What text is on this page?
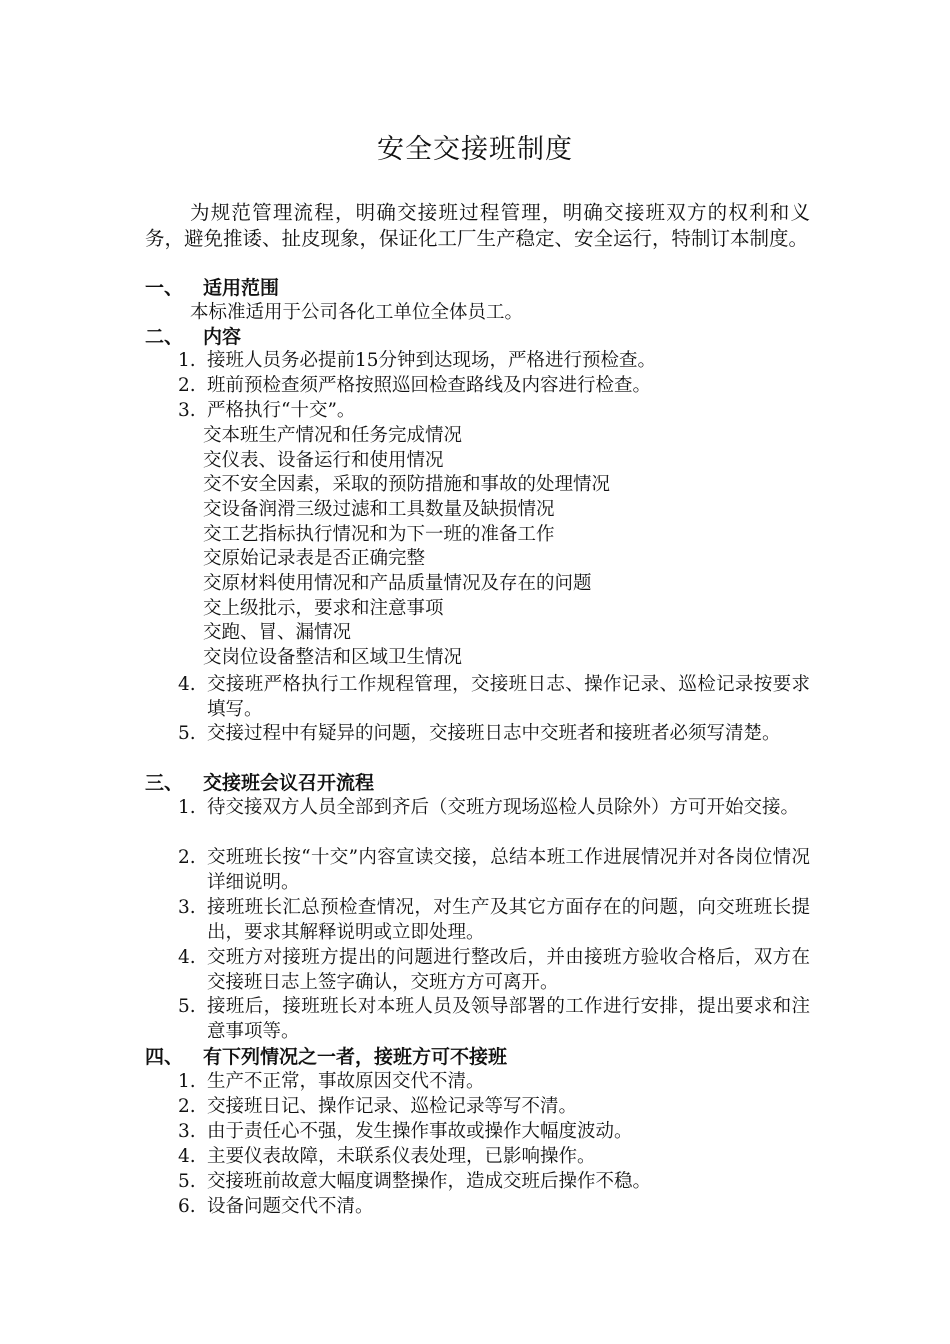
安全交接班制度
为规范管理流程，明确交接班过程管理，明确交接班双方的权利和义务，避免推诿、扯皮现象，保证化工厂生产稳定、安全运行，特制订本制度。
一、 适用范围
本标准适用于公司各化工单位全体员工。
二、 内容
1. 接班人员务必提前15分钟到达现场，严格进行预检查。
2. 班前预检查须严格按照巡回检查路线及内容进行检查。
3. 严格执行“十交”。
交本班生产情况和任务完成情况
交仪表、设备运行和使用情况
交不安全因素，采取的预防措施和事故的处理情况
交设备润滑三级过滤和工具数量及缺损情况
交工艺指标执行情况和为下一班的准备工作
交原始记录表是否正确完整
交原材料使用情况和产品质量情况及存在的问题
交上级批示，要求和注意事项
交跑、冒、漏情况
交岗位设备整洁和区域卫生情况
4. 交接班严格执行工作规程管理，交接班日志、操作记录、巡检记录按要求填写。
5. 交接过程中有疑异的问题，交接班日志中交班者和接班者必须写清楚。
三、 交接班会议召开流程
1. 待交接双方人员全部到齐后（交班方现场巡检人员除外）方可开始交接。
2. 交班班长按“十交”内容宣读交接，总结本班工作进展情况并对各岗位情况详细说明。
3. 接班班长汇总预检查情况，对生产及其它方面存在的问题，向交班班长提出，要求其解释说明或立即处理。
4. 交班方对接班方提出的问题进行整改后，并由接班方验收合格后，双方在交接班日志上签字确认，交班方方可离开。
5. 接班后，接班班长对本班人员及领导部署的工作进行安排，提出要求和注意事项等。
四、 有下列情况之一者，接班方可不接班
1. 生产不正常，事故原因交代不清。
2. 交接班日记、操作记录、巡检记录等写不清。
3. 由于责任心不强，发生操作事故或操作大幅度波动。
4. 主要仪表故障，未联系仪表处理，已影响操作。
5. 交接班前故意大幅度调整操作，造成交班后操作不稳。
6. 设备问题交代不清。
